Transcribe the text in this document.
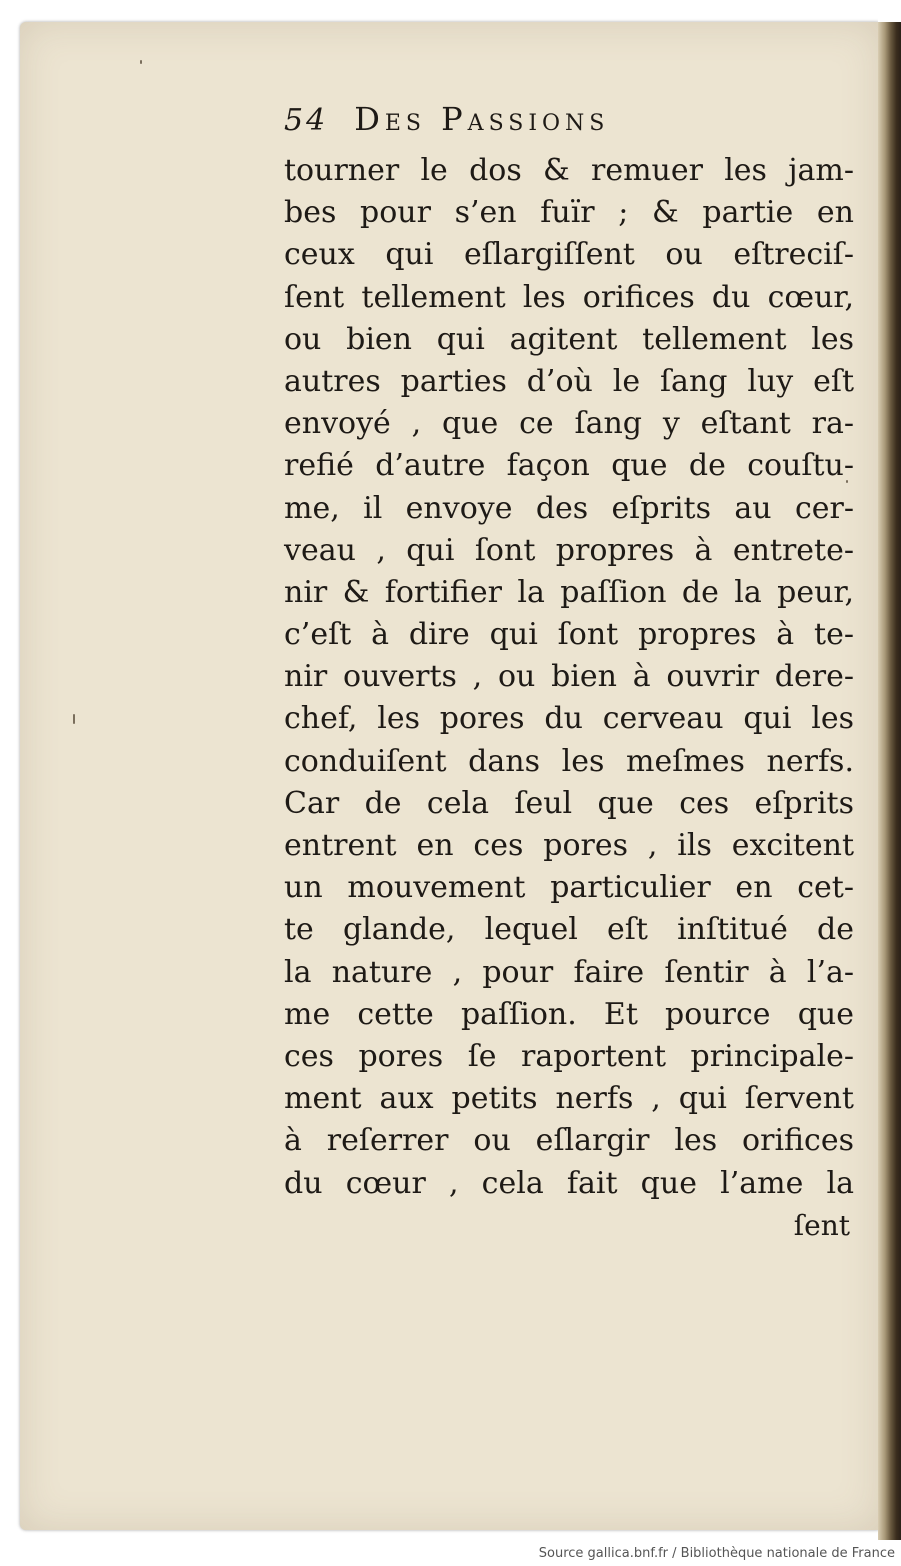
54 Des Passions
tourner le dos & remuer les jam-
bes pour s’en fuïr ; & partie en
ceux qui eſlargiſſent ou eſtreciſ-
ſent tellement les orifices du cœur,
ou bien qui agitent tellement les
autres parties d’où le ſang luy eſt
envoyé , que ce ſang y eſtant ra-
refié d’autre façon que de couſtu-
me, il envoye des eſprits au cer-
veau , qui ſont propres à entrete-
nir & fortifier la paſſion de la peur,
c’eſt à dire qui ſont propres à te-
nir ouverts , ou bien à ouvrir dere-
chef, les pores du cerveau qui les
conduiſent dans les meſmes nerfs.
Car de cela ſeul que ces eſprits
entrent en ces pores , ils excitent
un mouvement particulier en cet-
te glande, lequel eſt inſtitué de
la nature , pour faire ſentir à l’a-
me cette paſſion. Et pource que
ces pores ſe raportent principale-
ment aux petits nerfs , qui ſervent
à reſerrer ou eſlargir les orifices
du cœur , cela fait que l’ame la
ſent
Source gallica.bnf.fr / Bibliothèque nationale de France
